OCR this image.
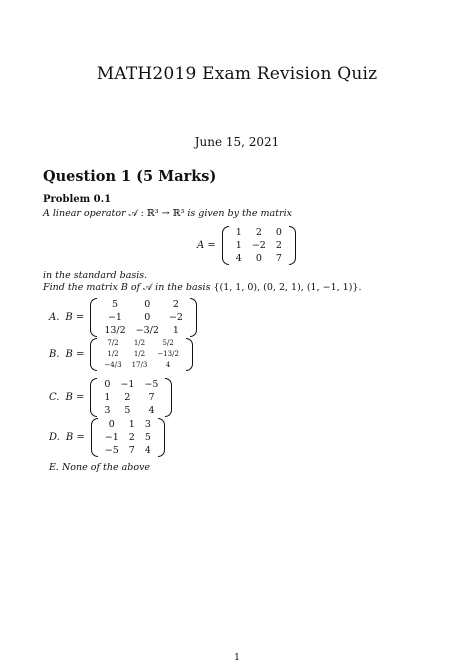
MATH2019 Exam Revision Quiz
June 15, 2021
Question 1 (5 Marks)
Problem 0.1
A linear operator 𝒜 : ℝ³ → ℝ³ is given by the matrix
A =
1	2	0
1	−2	2
4	0	7
in the standard basis.
Find the matrix B of 𝒜 in the basis {(1, 1, 0), (0, 2, 1), (1, −1, 1)}.
A. B =
5	0	2
−1	0	−2
13/2	−3/2	1
B. B =
7/2	1/2	5/2
1/2	1/2	−13/2
−4/3	17/3	4
C. B =
0	−1	−5
1	2	7
3	5	4
D. B =
0	1	3
−1	2	5
−5	7	4
E. None of the above
1
